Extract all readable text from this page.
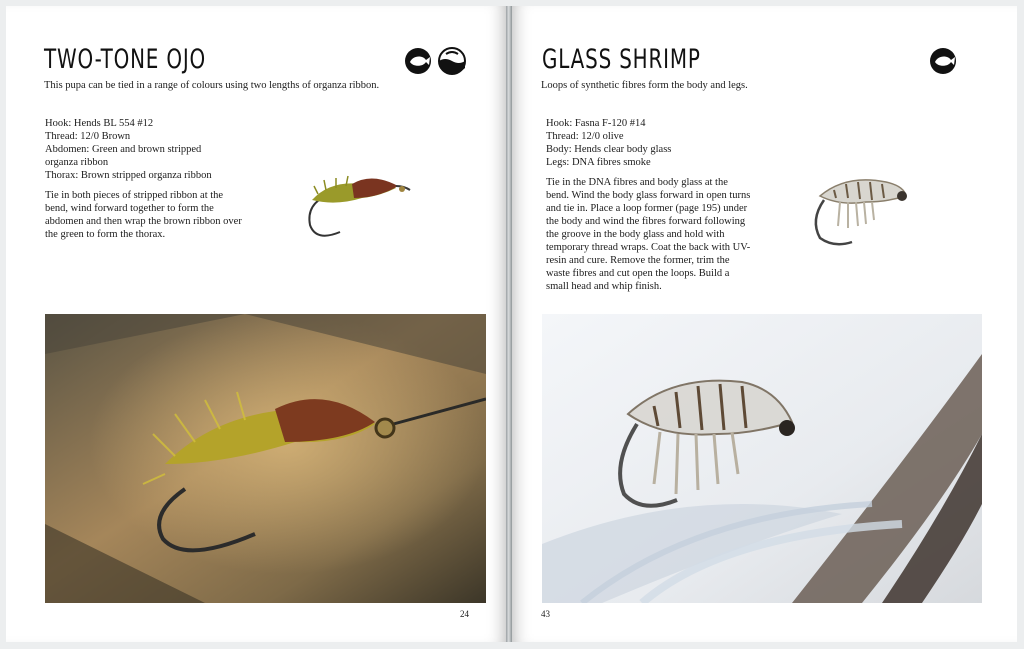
TWO-TONE OJO

This pupa can be tied in a range of colours using two lengths of organza ribbon.

Hook: Hends BL 554 #12
Thread: 12/0 Brown
Abdomen: Green and brown stripped
organza ribbon
Thorax: Brown stripped organza ribbon

Tie in both pieces of stripped ribbon at the bend, wind forward together to form the abdomen and then wrap the brown ribbon over the green to form the thorax.

24
GLASS SHRIMP

Loops of synthetic fibres form the body and legs.

Hook: Fasna F-120 #14
Thread: 12/0 olive
Body: Hends clear body glass
Legs: DNA fibres smoke

Tie in the DNA fibres and body glass at the bend. Wind the body glass forward in open turns and tie in. Place a loop former (page 195) under the body and wind the fibres forward following the groove in the body glass and hold with temporary thread wraps. Coat the back with UV-resin and cure. Remove the former, trim the waste fibres and cut open the loops. Build a small head and whip finish.

43
